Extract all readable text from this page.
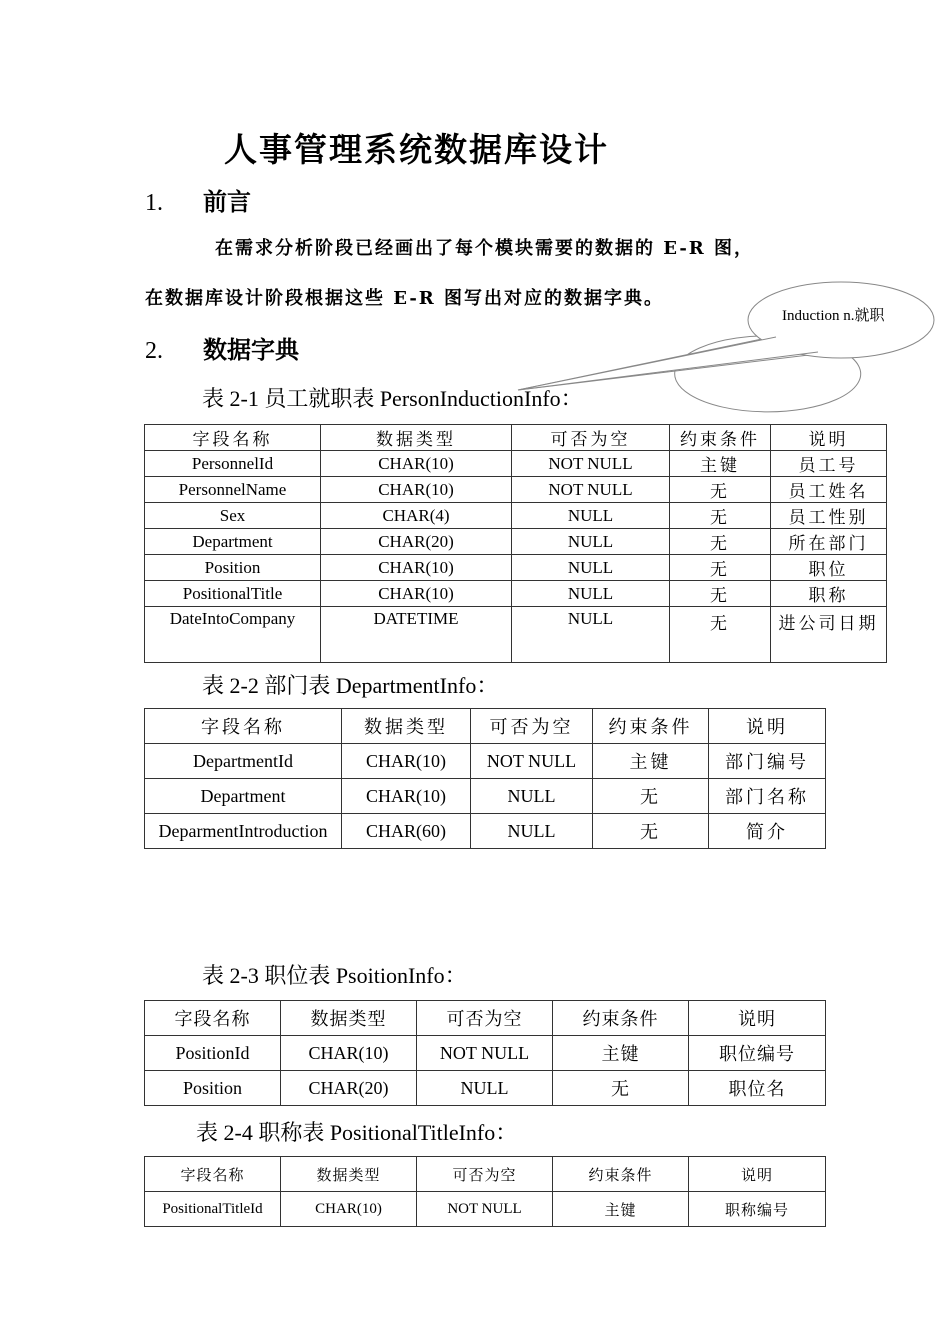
人事管理系统数据库设计
1. 前言
在需求分析阶段已经画出了每个模块需要的数据的 E-R 图，
在数据库设计阶段根据这些 E-R 图写出对应的数据字典。
Induction n.就职
2. 数据字典
表 2-1 员工就职表 PersonInductionInfo：
字段名称	数据类型	可否为空	约束条件	说明
PersonnelId	CHAR(10)	NOT NULL	主键	员工号
PersonnelName	CHAR(10)	NOT NULL	无	员工姓名
Sex	CHAR(4)	NULL	无	员工性别
Department	CHAR(20)	NULL	无	所在部门
Position	CHAR(10)	NULL	无	职位
PositionalTitle	CHAR(10)	NULL	无	职称
DateIntoCompany	DATETIME	NULL	无	进公司日期
表 2-2 部门表 DepartmentInfo：
字段名称	数据类型	可否为空	约束条件	说明
DepartmentId	CHAR(10)	NOT NULL	主键	部门编号
Department	CHAR(10)	NULL	无	部门名称
DeparmentIntroduction	CHAR(60)	NULL	无	简介
表 2-3 职位表 PsoitionInfo：
字段名称	数据类型	可否为空	约束条件	说明
PositionId	CHAR(10)	NOT NULL	主键	职位编号
Position	CHAR(20)	NULL	无	职位名
表 2-4 职称表 PositionalTitleInfo：
字段名称	数据类型	可否为空	约束条件	说明
PositionalTitleId	CHAR(10)	NOT NULL	主键	职称编号
